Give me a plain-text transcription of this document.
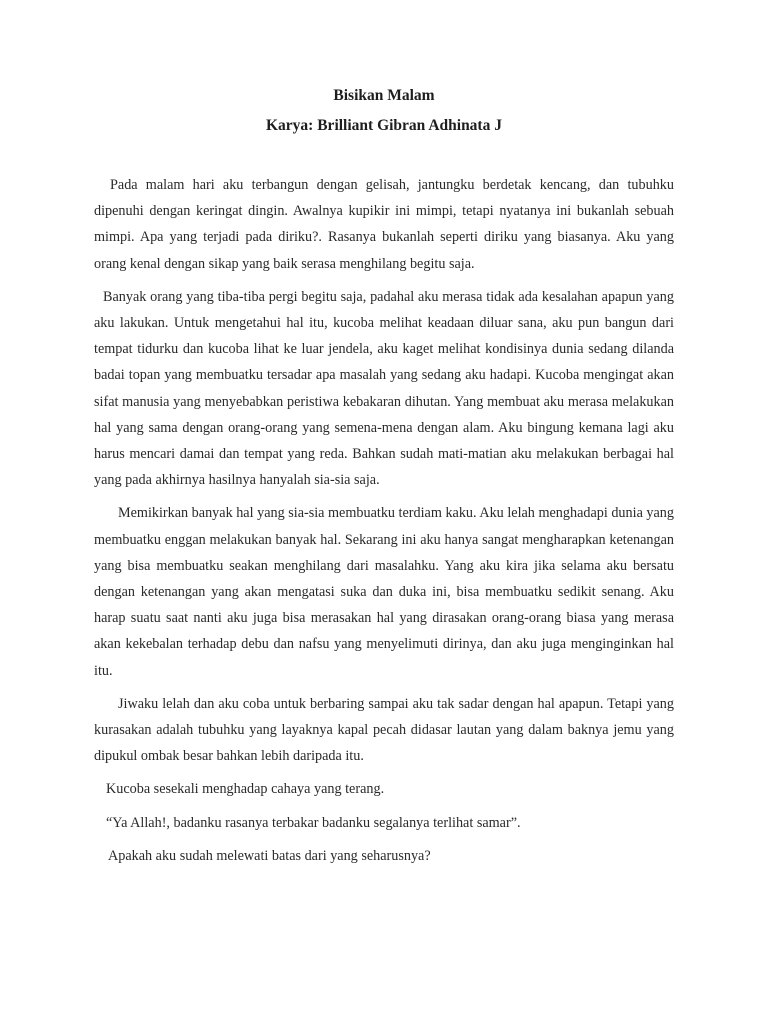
Bisikan Malam
Karya: Brilliant Gibran Adhinata J

Pada malam hari aku terbangun dengan gelisah, jantungku berdetak kencang, dan tubuhku dipenuhi dengan keringat dingin. Awalnya kupikir ini mimpi, tetapi nyatanya ini bukanlah sebuah mimpi. Apa yang terjadi pada diriku?. Rasanya bukanlah seperti diriku yang biasanya. Aku yang orang kenal dengan sikap yang baik serasa menghilang begitu saja.

Banyak orang yang tiba-tiba pergi begitu saja, padahal aku merasa tidak ada kesalahan apapun yang aku lakukan. Untuk mengetahui hal itu, kucoba melihat keadaan diluar sana, aku pun bangun dari tempat tidurku dan kucoba lihat ke luar jendela, aku kaget melihat kondisinya dunia sedang dilanda badai topan yang membuatku tersadar apa masalah yang sedang aku hadapi. Kucoba mengingat akan sifat manusia yang menyebabkan peristiwa kebakaran dihutan. Yang membuat aku merasa melakukan hal yang sama dengan orang-orang yang semena-mena dengan alam. Aku bingung kemana lagi aku harus mencari damai dan tempat yang reda. Bahkan sudah mati-matian aku melakukan berbagai hal yang pada akhirnya hasilnya hanyalah sia-sia saja.

Memikirkan banyak hal yang sia-sia membuatku terdiam kaku. Aku lelah menghadapi dunia yang membuatku enggan melakukan banyak hal. Sekarang ini aku hanya sangat mengharapkan ketenangan yang bisa membuatku seakan menghilang dari masalahku. Yang aku kira jika selama aku bersatu dengan ketenangan yang akan mengatasi suka dan duka ini, bisa membuatku sedikit senang. Aku harap suatu saat nanti aku juga bisa merasakan hal yang dirasakan orang-orang biasa yang merasa akan kekebalan terhadap debu dan nafsu yang menyelimuti dirinya, dan aku juga menginginkan hal itu.

Jiwaku lelah dan aku coba untuk berbaring sampai aku tak sadar dengan hal apapun. Tetapi yang kurasakan adalah tubuhku yang layaknya kapal pecah didasar lautan yang dalam baknya jemu yang dipukul ombak besar bahkan lebih daripada itu.

Kucoba sesekali menghadap cahaya yang terang.

“Ya Allah!, badanku rasanya terbakar badanku segalanya terlihat samar”.

Apakah aku sudah melewati batas dari yang seharusnya?
